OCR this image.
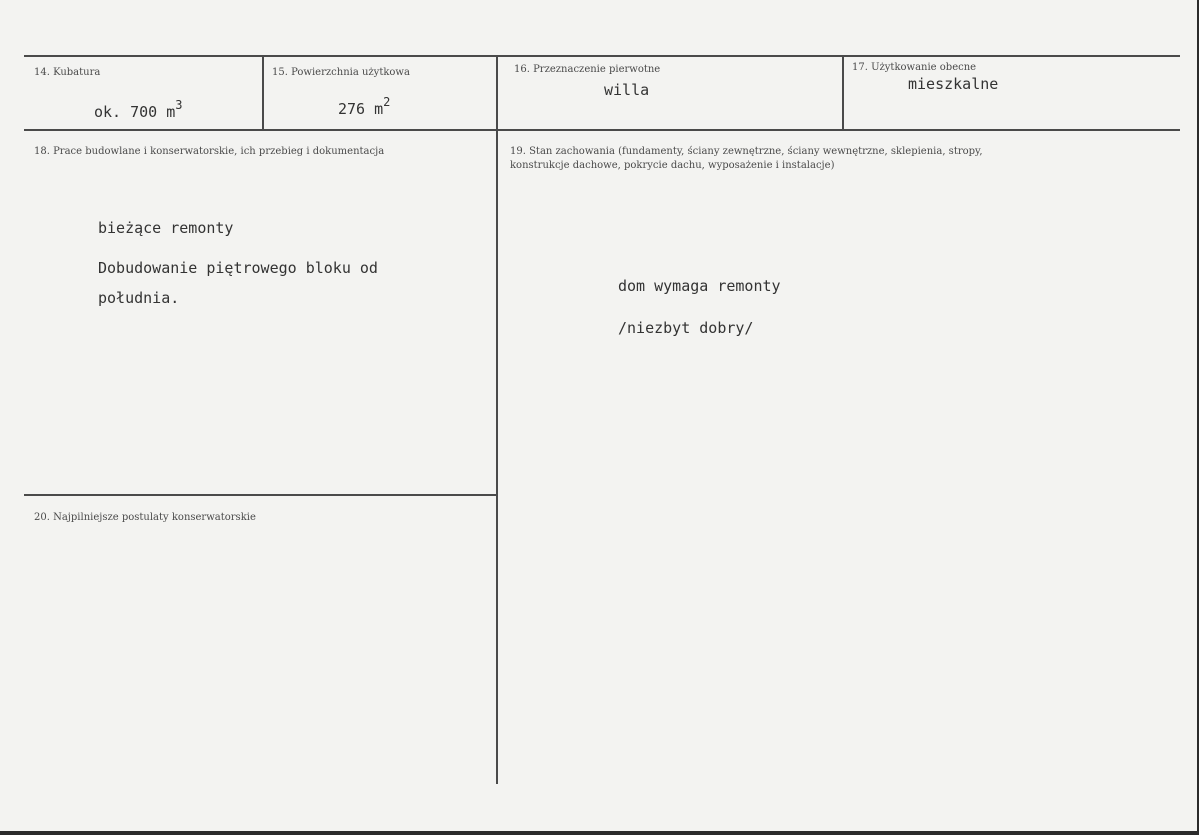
14. Kubatura
ok. 700 $m^3$
15. Powierzchnia użytkowa
276 $m^2$
16. Przeznaczenie pierwotne
willa
17. Użytkowanie obecne
mieszkalne
18. Prace budowlane i konserwatorskie, ich przebieg i dokumentacja
bieżące remonty
Dobudowanie piętrowego bloku od
południa.
19. Stan zachowania (fundamenty, ściany zewnętrzne, ściany wewnętrzne, sklepienia, stropy,
konstrukcje dachowe, pokrycie dachu, wyposażenie i instalacje)
dom wymaga remonty
/niezbyt dobry/
20. Najpilniejsze postulaty konserwatorskie
